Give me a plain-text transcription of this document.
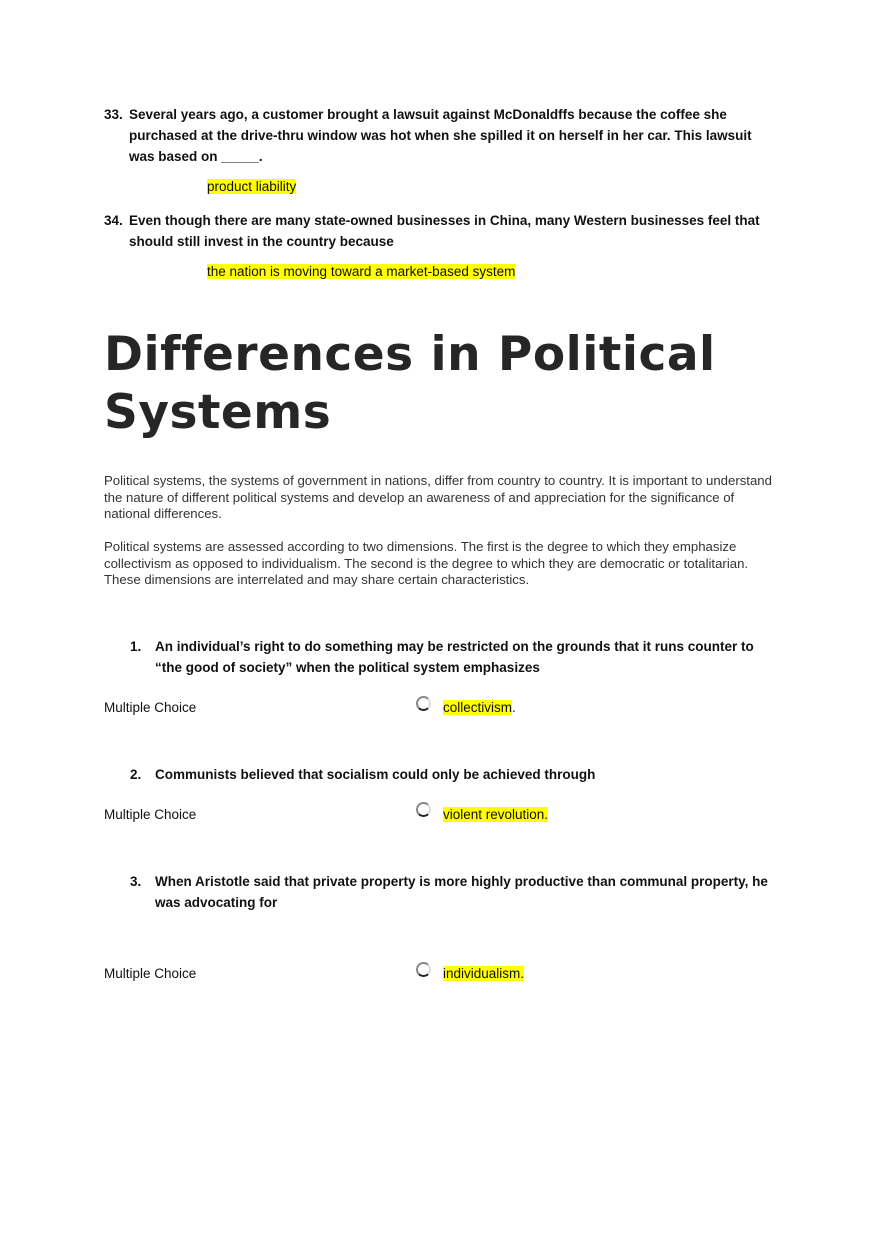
33. Several years ago, a customer brought a lawsuit against McDonaldffs because the coffee she purchased at the drive-thru window was hot when she spilled it on herself in her car. This lawsuit was based on _____.
product liability
34. Even though there are many state-owned businesses in China, many Western businesses feel that should still invest in the country because
the nation is moving toward a market-based system
Differences in Political Systems
Political systems, the systems of government in nations, differ from country to country. It is important to understand the nature of different political systems and develop an awareness of and appreciation for the significance of national differences.
Political systems are assessed according to two dimensions. The first is the degree to which they emphasize collectivism as opposed to individualism. The second is the degree to which they are democratic or totalitarian. These dimensions are interrelated and may share certain characteristics.
1.	An individual’s right to do something may be restricted on the grounds that it runs counter to “the good of society” when the political system emphasizes
Multiple Choice	collectivism.
2.	Communists believed that socialism could only be achieved through
Multiple Choice	violent revolution.
3.	When Aristotle said that private property is more highly productive than communal property, he was advocating for
Multiple Choice	individualism.
